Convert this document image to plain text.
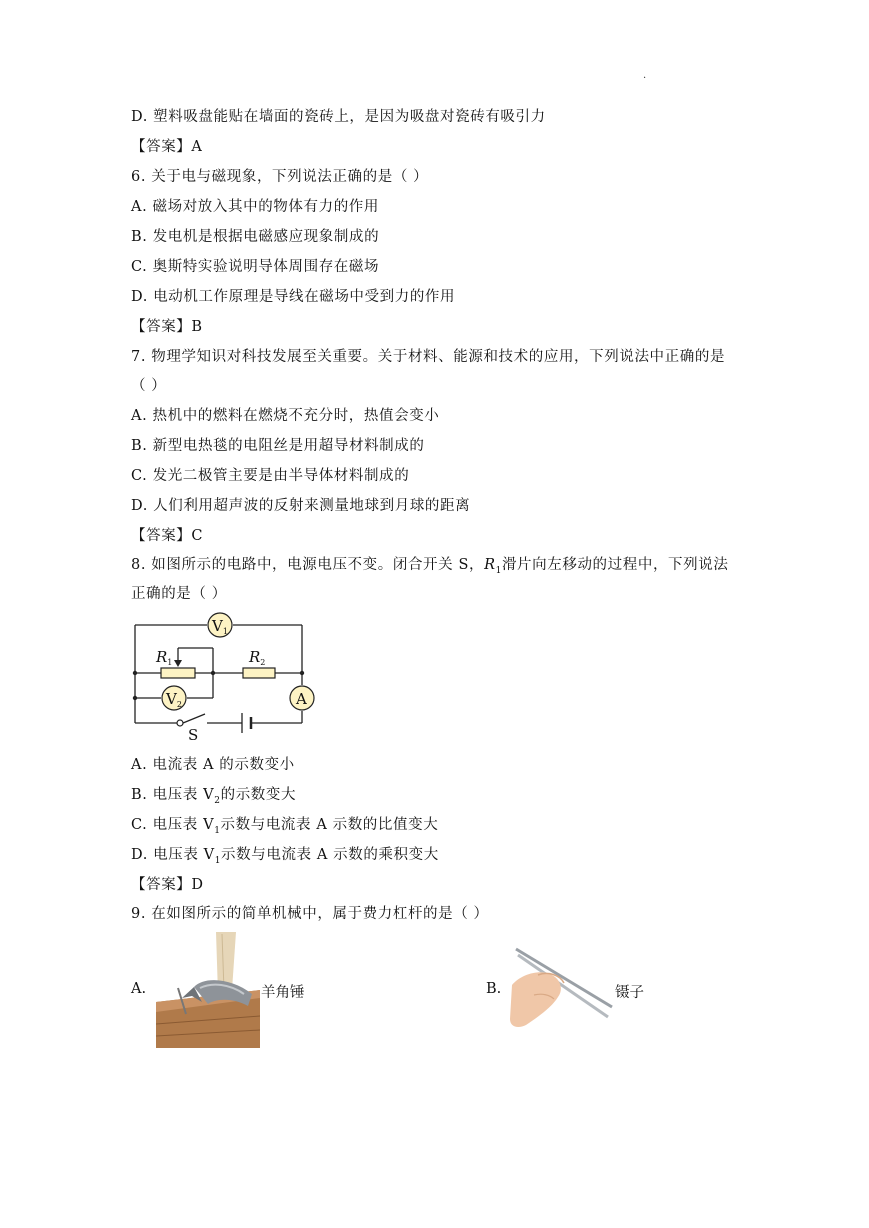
.
D. 塑料吸盘能贴在墙面的瓷砖上，是因为吸盘对瓷砖有吸引力
【答案】A
6. 关于电与磁现象，下列说法正确的是（ ）
A. 磁场对放入其中的物体有力的作用
B. 发电机是根据电磁感应现象制成的
C. 奥斯特实验说明导体周围存在磁场
D. 电动机工作原理是导线在磁场中受到力的作用
【答案】B
7. 物理学知识对科技发展至关重要。关于材料、能源和技术的应用，下列说法中正确的是
（ ）
A. 热机中的燃料在燃烧不充分时，热值会变小
B. 新型电热毯的电阻丝是用超导材料制成的
C. 发光二极管主要是由半导体材料制成的
D. 人们利用超声波的反射来测量地球到月球的距离
【答案】C
8. 如图所示的电路中，电源电压不变。闭合开关 S，$R_1$滑片向左移动的过程中，下列说法
正确的是（ ）
$V_1$
$V_2$	A
$R_1$	$R_2$
S
A. 电流表 A 的示数变小
B. 电压表 $V_2$的示数变大
C. 电压表 $V_1$示数与电流表 A 示数的比值变大
D. 电压表 $V_1$示数与电流表 A 示数的乘积变大
【答案】D
9. 在如图所示的简单机械中，属于费力杠杆的是（ ）
A.	羊角锤	B.	镊子
